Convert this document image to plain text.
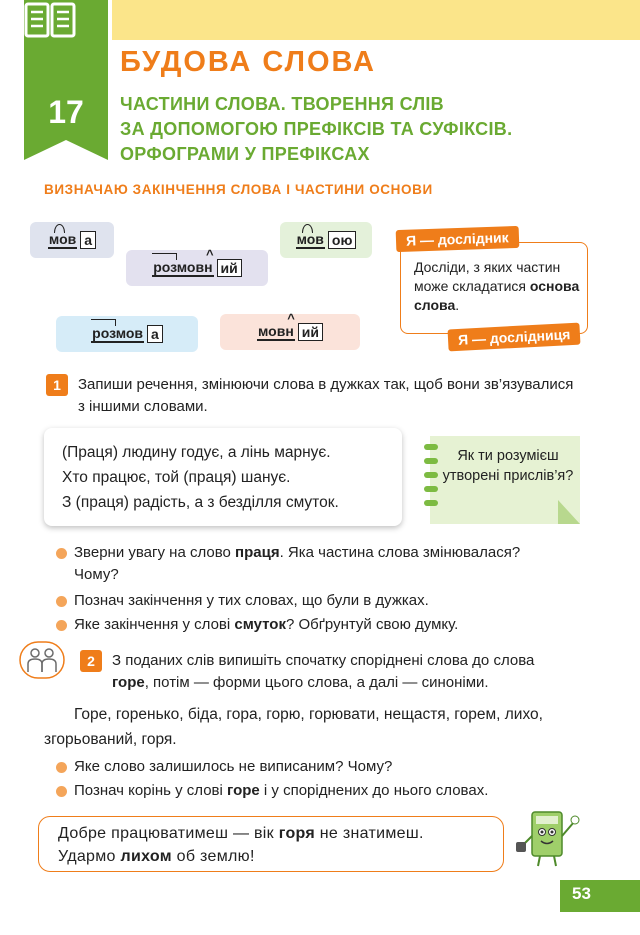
17
БУДОВА СЛОВА
ЧАСТИНИ СЛОВА. ТВОРЕННЯ СЛІВ
ЗА ДОПОМОГОЮ ПРЕФІКСІВ ТА СУФІКСІВ.
ОРФОГРАМИ У ПРЕФІКСАХ
ВИЗНАЧАЮ ЗАКІНЧЕННЯ СЛОВА І ЧАСТИНИ ОСНОВИ
мов а
розмовн ^ ий
мов ою
розмов а	мовн ^ ий
Я — дослідник
Досліди, з яких частин може складатися основа слова.
Я — дослідниця
1	Запиши речення, змінюючи слова в дужках так, щоб вони зв’язувалися з іншими словами.
(Праця) людину годує, а лінь марнує.
Хто працює, той (праця) шанує.
З (праця) радість, а з безділля смуток.
Як ти розумієш утворені прислів’я?
Зверни увагу на слово праця. Яка частина слова змінювалася?
Чому?
Познач закінчення у тих словах, що були в дужках.
Яке закінчення у слові смуток? Обґрунтуй свою думку.
2	З поданих слів випишіть спочатку споріднені слова до слова
горе, потім — форми цього слова, а далі — синоніми.
Горе, горенько, біда, гора, горю, горювати, нещастя, горем, лихо, згорьований, горя.
Яке слово залишилось не виписаним? Чому?
Познач корінь у слові горе і у споріднених до нього словах.
Добре працюватимеш — вік горя не знатимеш.
Удармо лихом об землю!
53
